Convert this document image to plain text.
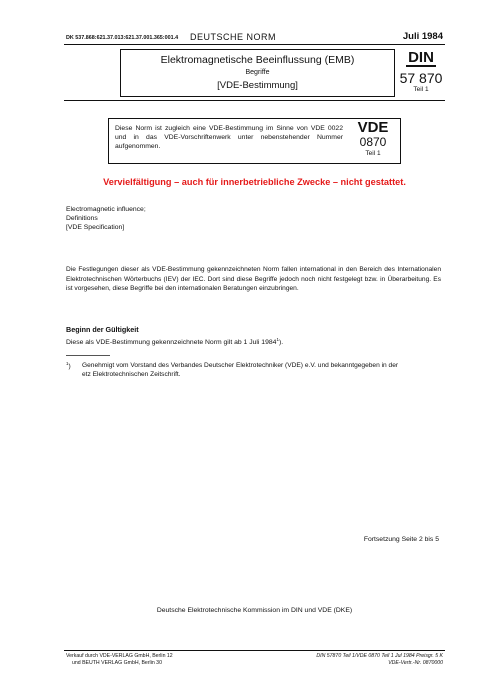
DK 537.868:621.37.013:621.37.001.365:001.4 DEUTSCHE NORM	Juli 1984
Elektromagnetische Beeinflussung (EMB)
Begriffe
[VDE-Bestimmung]
DIN
57 870
Teil 1
Diese Norm ist zugleich eine VDE-Bestimmung im Sinne von VDE 0022 und in das VDE-Vorschriftenwerk unter nebenstehender Nummer aufgenommen.
VDE
0870
Teil 1
Vervielfältigung – auch für innerbetriebliche Zwecke – nicht gestattet.
Electromagnetic influence;
Definitions
[VDE Specification]
Die Festlegungen dieser als VDE-Bestimmung gekennzeichneten Norm fallen international in den Bereich des Internationalen Elektrotechnischen Wörterbuchs (IEV) der IEC. Dort sind diese Begriffe jedoch noch nicht festgelegt bzw. in Überarbeitung. Es ist vorgesehen, diese Begriffe bei den internationalen Beratungen einzubringen.
Beginn der Gültigkeit
Diese als VDE-Bestimmung gekennzeichnete Norm gilt ab 1 Juli 1984$^1$).
$^1$) Genehmigt vom Vorstand des Verbandes Deutscher Elektrotechniker (VDE) e.V. und bekanntgegeben in der etz Elektrotechnischen Zeitschrift.
Fortsetzung Seite 2 bis 5
Deutsche Elektrotechnische Kommission im DIN und VDE (DKE)
Verkauf durch VDE-VERLAG GmbH, Berlin 12
und BEUTH VERLAG GmbH, Berlin 30
DIN 57870 Teil 1/VDE 0870 Teil 1 Jul 1984 Preisgr. 5 K
VDE-Vertr.-Nr. 0870000
